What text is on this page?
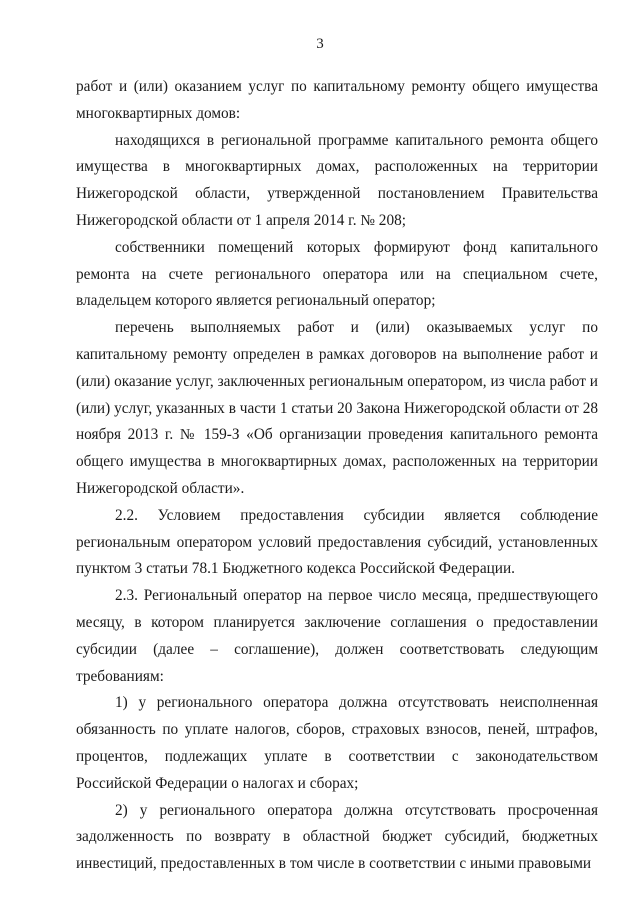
3

работ и (или) оказанием услуг по капитальному ремонту общего имущества многоквартирных домов:

находящихся в региональной программе капитального ремонта общего имущества в многоквартирных домах, расположенных на территории Нижегородской области, утвержденной постановлением Правительства Нижегородской области от 1 апреля 2014 г. № 208;

собственники помещений которых формируют фонд капитального ремонта на счете регионального оператора или на специальном счете, владельцем которого является региональный оператор;

перечень выполняемых работ и (или) оказываемых услуг по капитальному ремонту определен в рамках договоров на выполнение работ и (или) оказание услуг, заключенных региональным оператором, из числа работ и (или) услуг, указанных в части 1 статьи 20 Закона Нижегородской области от 28 ноября 2013 г. № 159-З «Об организации проведения капитального ремонта общего имущества в многоквартирных домах, расположенных на территории Нижегородской области».

2.2. Условием предоставления субсидии является соблюдение региональным оператором условий предоставления субсидий, установленных пунктом 3 статьи 78.1 Бюджетного кодекса Российской Федерации.

2.3. Региональный оператор на первое число месяца, предшествующего месяцу, в котором планируется заключение соглашения о предоставлении субсидии (далее – соглашение), должен соответствовать следующим требованиям:

1) у регионального оператора должна отсутствовать неисполненная обязанность по уплате налогов, сборов, страховых взносов, пеней, штрафов, процентов, подлежащих уплате в соответствии с законодательством Российской Федерации о налогах и сборах;

2) у регионального оператора должна отсутствовать просроченная задолженность по возврату в областной бюджет субсидий, бюджетных инвестиций, предоставленных в том числе в соответствии с иными правовыми
